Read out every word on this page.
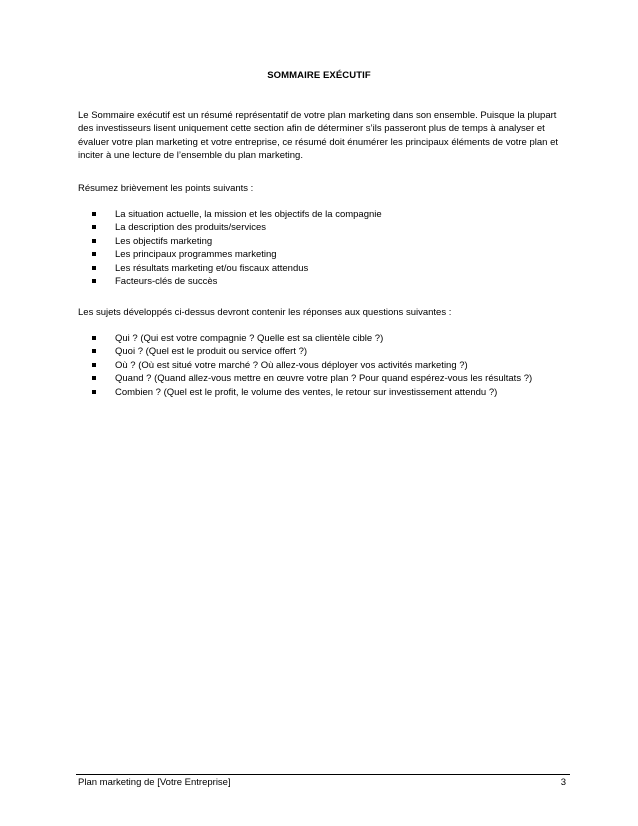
SOMMAIRE EXÉCUTIF
Le Sommaire exécutif est un résumé représentatif de votre plan marketing dans son ensemble. Puisque la plupart des investisseurs lisent uniquement cette section afin de déterminer s’ils passeront plus de temps à analyser et évaluer votre plan marketing et votre entreprise, ce résumé doit énumérer les principaux éléments de votre plan et inciter à une lecture de l’ensemble du plan marketing.
Résumez brièvement les points suivants :
La situation actuelle, la mission et les objectifs de la compagnie
La description des produits/services
Les objectifs marketing
Les principaux programmes marketing
Les résultats marketing et/ou fiscaux attendus
Facteurs-clés de succès
Les sujets développés ci-dessus devront contenir les réponses aux questions suivantes :
Qui ? (Qui est votre compagnie ? Quelle est sa clientèle cible ?)
Quoi ? (Quel est le produit ou service offert ?)
Où ? (Où est situé votre marché ? Où allez-vous déployer vos activités marketing ?)
Quand ? (Quand allez-vous mettre en œuvre votre plan ? Pour quand espérez-vous les résultats ?)
Combien ? (Quel est le profit, le volume des ventes, le retour sur investissement attendu ?)
Plan marketing de [Votre Entreprise]	3
